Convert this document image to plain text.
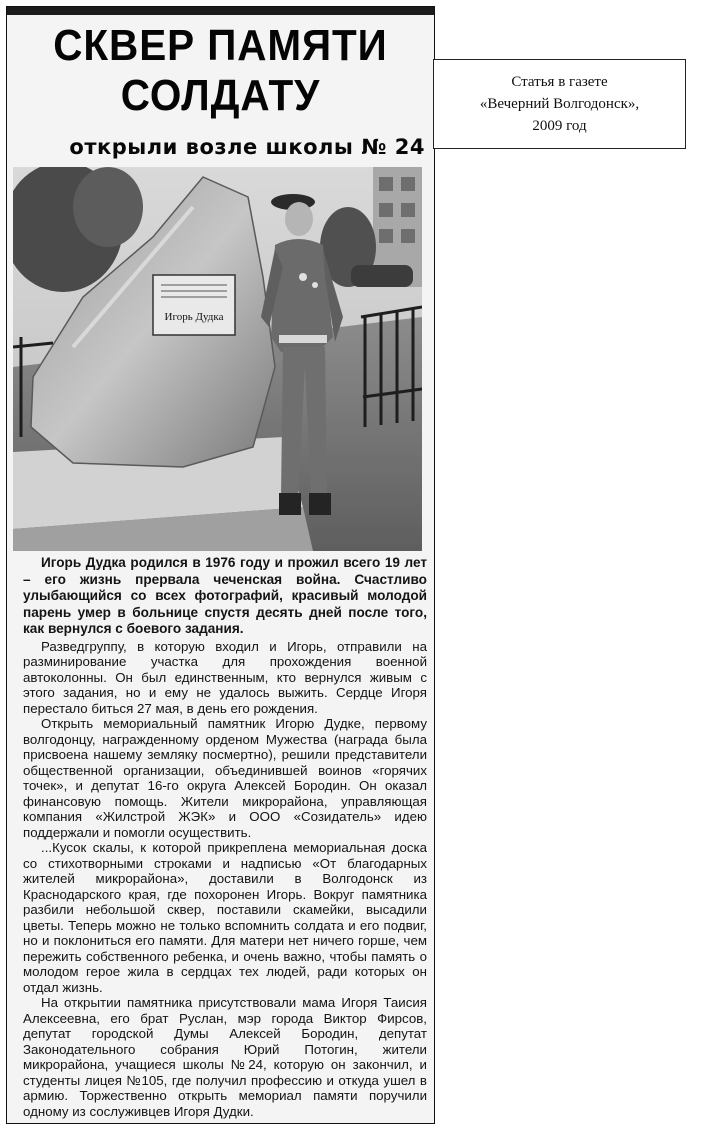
СКВЕР ПАМЯТИ
СОЛДАТУ
открыли возле школы № 24
Игорь Дудка

Игорь Дудка родился в 1976 году и прожил всего 19 лет – его жизнь прервала чеченская война. Счастливо улыбающийся со всех фотографий, красивый молодой парень умер в больнице спустя десять дней после того, как вернулся с боевого задания.

Разведгруппу, в которую входил и Игорь, отправили на разминирование участка для прохождения военной автоколонны. Он был единственным, кто вернулся живым с этого задания, но и ему не удалось выжить. Сердце Игоря перестало биться 27 мая, в день его рождения.

Открыть мемориальный памятник Игорю Дудке, первому волгодонцу, награжденному орденом Мужества (награда была присвоена нашему земляку посмертно), решили представители общественной организации, объединившей воинов «горячих точек», и депутат 16-го округа Алексей Бородин. Он оказал финансовую помощь. Жители микрорайона, управляющая компания «Жилстрой ЖЭК» и ООО «Созидатель» идею поддержали и помогли осуществить.

...Кусок скалы, к которой прикреплена мемориальная доска со стихотворными строками и надписью «От благодарных жителей микрорайона», доставили в Волгодонск из Краснодарского края, где похоронен Игорь. Вокруг памятника разбили небольшой сквер, поставили скамейки, высадили цветы. Теперь можно не только вспомнить солдата и его подвиг, но и поклониться его памяти. Для матери нет ничего горше, чем пережить собственного ребенка, и очень важно, чтобы память о молодом герое жила в сердцах тех людей, ради которых он отдал жизнь.

На открытии памятника присутствовали мама Игоря Таисия Алексеевна, его брат Руслан, мэр города Виктор Фирсов, депутат городской Думы Алексей Бородин, депутат Законодательного собрания Юрий Потогин, жители микрорайона, учащиеся школы №24, которую он закончил, и студенты лицея №105, где получил профессию и откуда ушел в армию. Торжественно открыть мемориал памяти поручили одному из сослуживцев Игоря Дудки.

Статья в газете
«Вечерний Волгодонск»,
2009 год
